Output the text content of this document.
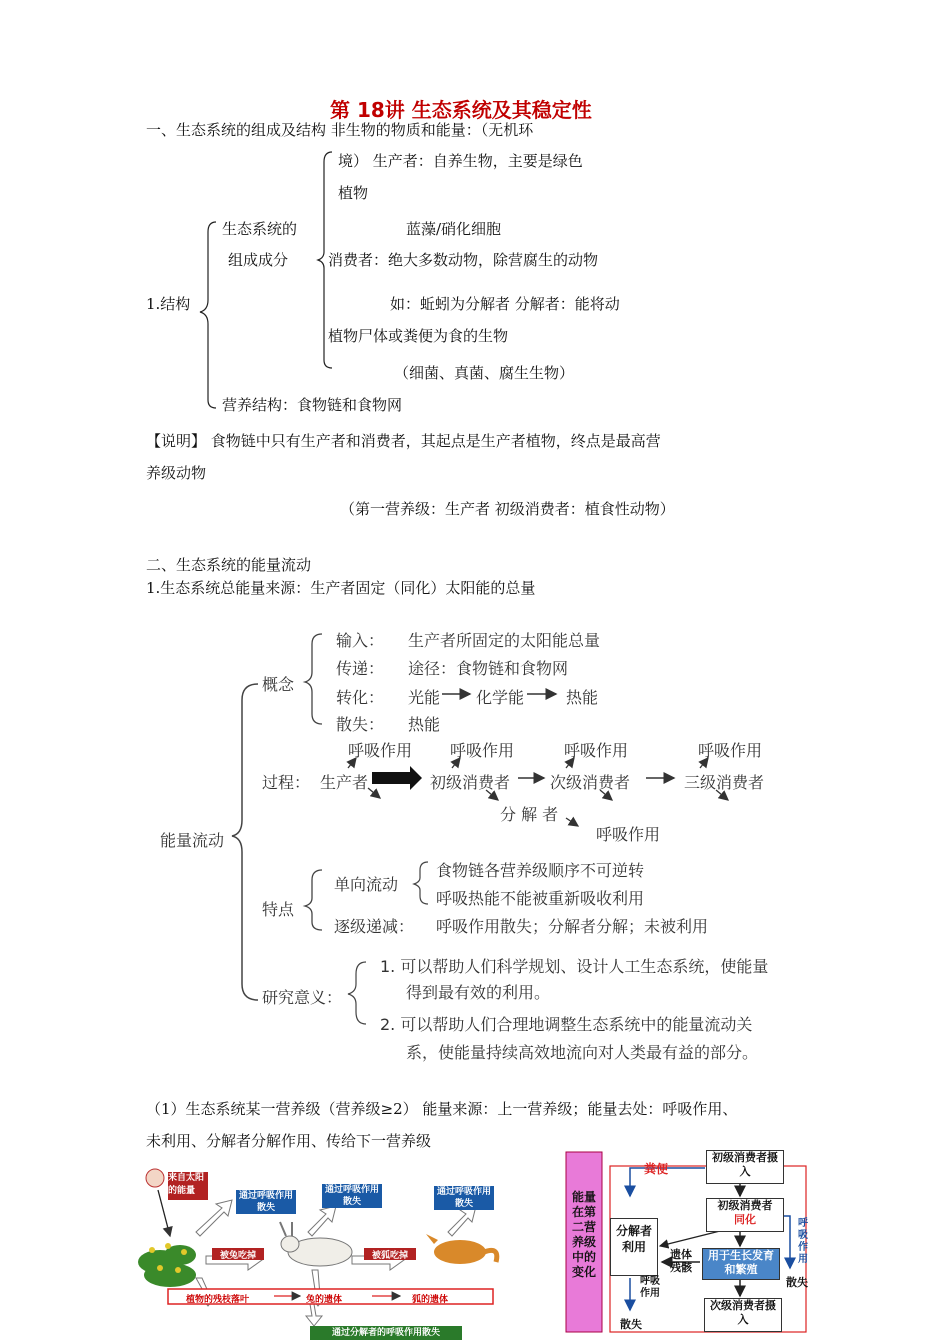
第 18讲 生态系统及其稳定性
一、生态系统的组成及结构 非生物的物质和能量：（无机环
境） 生产者：自养生物，主要是绿色
植物
生态系统的	蓝藻/硝化细胞
组成成分	消费者：绝大多数动物，除营腐生的动物
1.结构	如：蚯蚓为分解者 分解者：能将动
植物尸体或粪便为食的生物
（细菌、真菌、腐生生物）
营养结构：食物链和食物网
【说明】 食物链中只有生产者和消费者，其起点是生产者植物，终点是最高营
养级动物
（第一营养级：生产者 初级消费者：植食性动物）
二、生态系统的能量流动
1.生态系统总能量来源：生产者固定（同化）太阳能的总量
能量流动
概念
输入： 生产者所固定的太阳能总量
传递： 途径：食物链和食物网
转化： 光能 化学能	热能
散失： 热能
过程： 生产者	初级消费者 次级消费者	三级消费者
呼吸作用 呼吸作用	呼吸作用	呼吸作用
分 解 者
呼吸作用
特点
单向流动
食物链各营养级顺序不可逆转
呼吸热能不能被重新吸收利用
逐级递减： 呼吸作用散失；分解者分解；未被利用
研究意义：
1. 可以帮助人们科学规划、设计人工生态系统，使能量
得到最有效的利用。
2. 可以帮助人们合理地调整生态系统中的能量流动关
系，使能量持续高效地流向对人类最有益的部分。
（1）生态系统某一营养级（营养级≥2） 能量来源：上一营养级；能量去处：呼吸作用、
未利用、分解者分解作用、传给下一营养级
来自太阳的能量	通过呼吸作用散失
通过呼吸作用散失
通过呼吸作用散失
被兔吃掉	被狐吃掉
植物的残枝落叶	兔的遗体	狐的遗体
通过分解者的呼吸作用散失
能量在第二营养级中的变化
初级消费者摄入
粪便
初级消费者
同化
分解者利用
遗体残骸
用于生长发育和繁殖
呼吸作用
呼吸作用
散失
散失
次级消费者摄入
